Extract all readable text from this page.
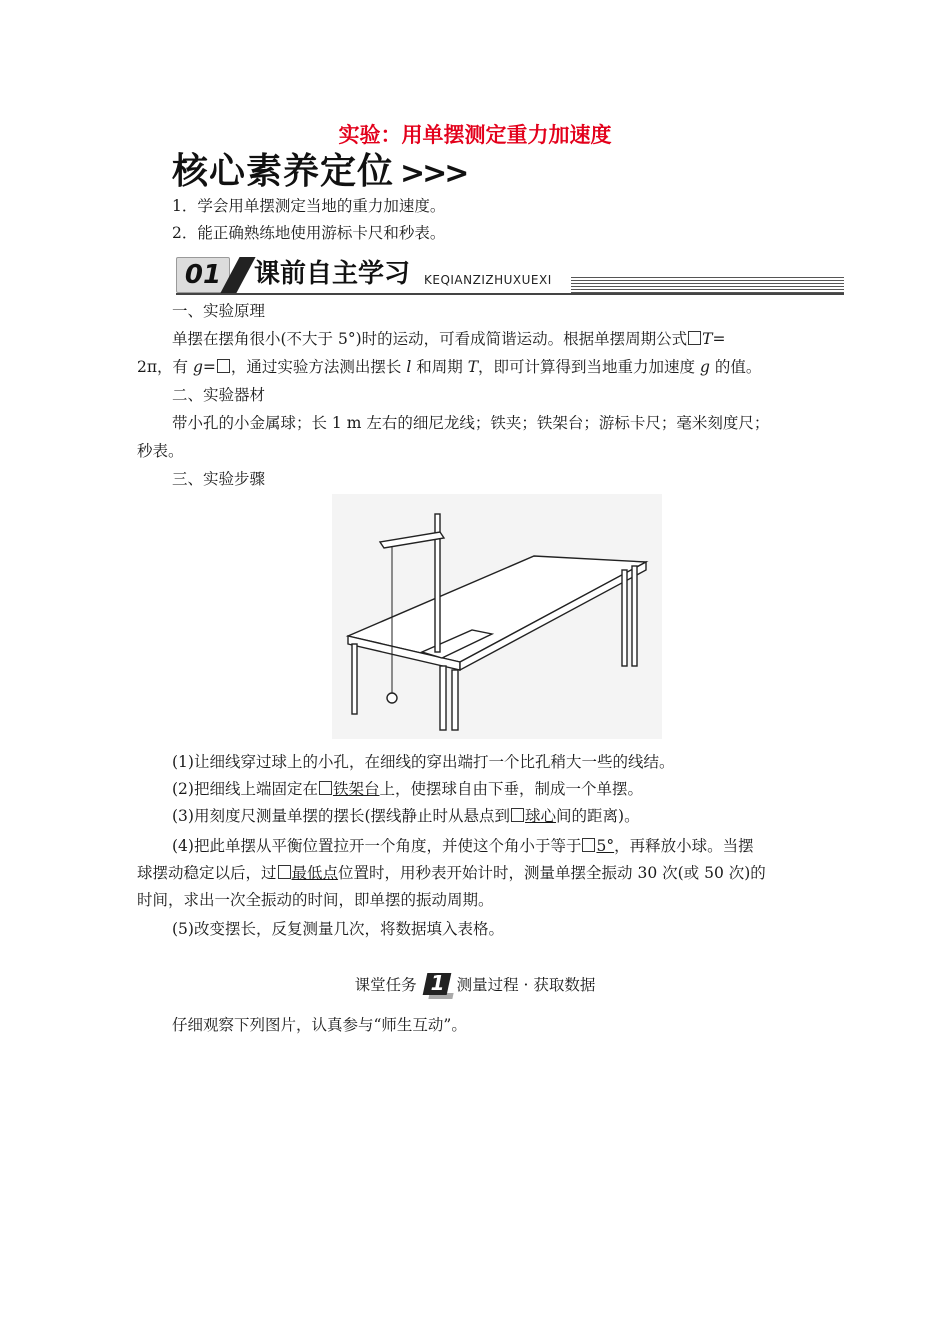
实验：用单摆测定重力加速度
核心素养定位 >>>
1．学会用单摆测定当地的重力加速度。
2．能正确熟练地使用游标卡尺和秒表。
01	课前自主学习 KEQIANZIZHUXUEXI
一、实验原理
单摆在摆角很小(不大于 5°)时的运动，可看成简谐运动。根据单摆周期公式 T=
2π，有 g= ，通过实验方法测出摆长 l 和周期 T，即可计算得到当地重力加速度 g 的值。
二、实验器材
带小孔的小金属球；长 1 m 左右的细尼龙线；铁夹；铁架台；游标卡尺；毫米刻度尺；
秒表。
三、实验步骤
(1)让细线穿过球上的小孔，在细线的穿出端打一个比孔稍大一些的线结。
(2)把细线上端固定在 铁架台上，使摆球自由下垂，制成一个单摆。
(3)用刻度尺测量单摆的摆长(摆线静止时从悬点到 球心间的距离)。
(4)把此单摆从平衡位置拉开一个角度，并使这个角小于等于 5°，再释放小球。当摆
球摆动稳定以后，过 最低点位置时，用秒表开始计时，测量单摆全振动 30 次(或 50 次)的
时间，求出一次全振动的时间，即单摆的振动周期。
(5)改变摆长，反复测量几次，将数据填入表格。
课堂任务 1 测量过程 · 获取数据
仔细观察下列图片，认真参与“师生互动”。
